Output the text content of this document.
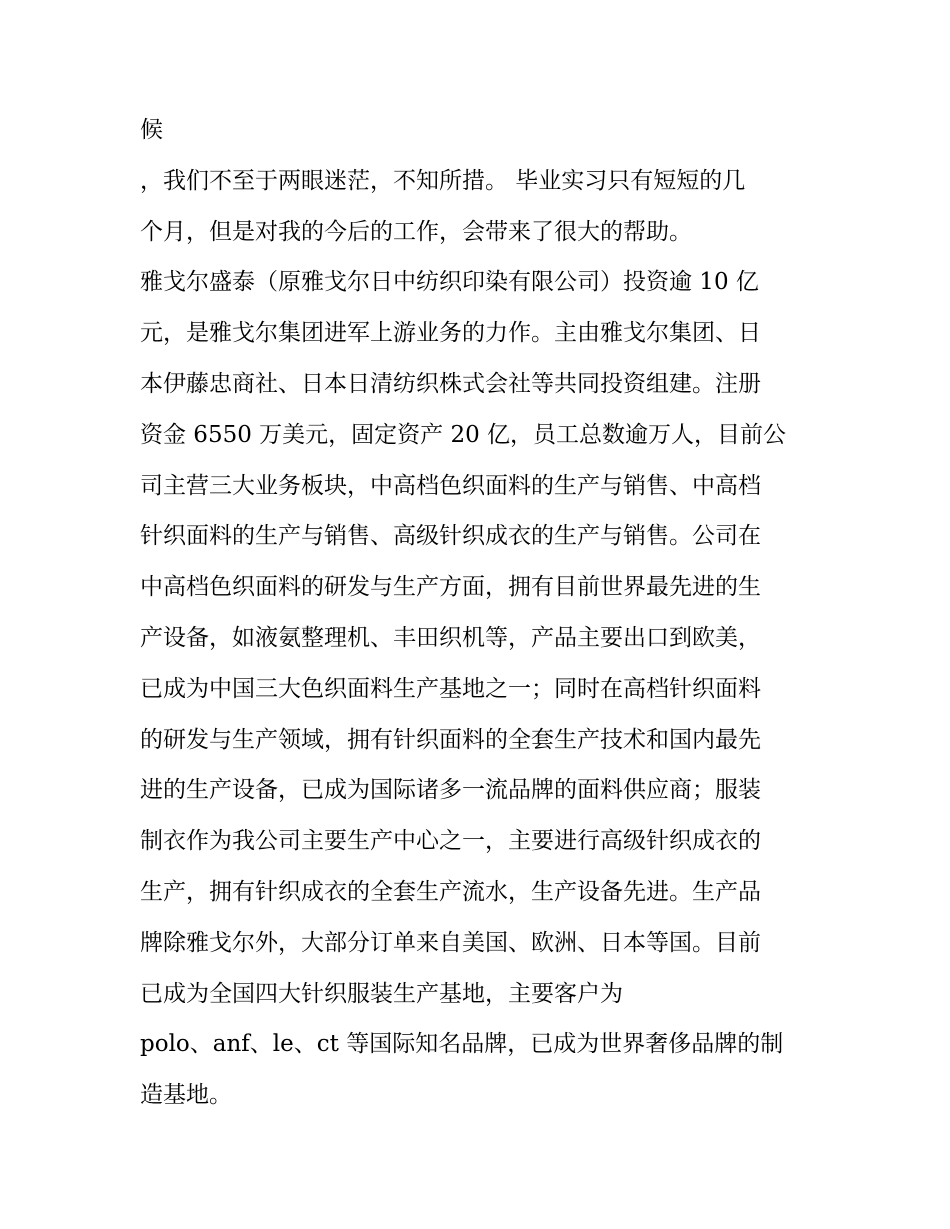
候
，我们不至于两眼迷茫，不知所措。 毕业实习只有短短的几
个月，但是对我的今后的工作，会带来了很大的帮助。
雅戈尔盛泰（原雅戈尔日中纺织印染有限公司）投资逾 10 亿
元，是雅戈尔集团进军上游业务的力作。主由雅戈尔集团、日
本伊藤忠商社、日本日清纺织株式会社等共同投资组建。注册
资金 6550 万美元，固定资产 20 亿，员工总数逾万人，目前公
司主营三大业务板块，中高档色织面料的生产与销售、中高档
针织面料的生产与销售、高级针织成衣的生产与销售。公司在
中高档色织面料的研发与生产方面，拥有目前世界最先进的生
产设备，如液氨整理机、丰田织机等，产品主要出口到欧美，
已成为中国三大色织面料生产基地之一；同时在高档针织面料
的研发与生产领域，拥有针织面料的全套生产技术和国内最先
进的生产设备，已成为国际诸多一流品牌的面料供应商；服装
制衣作为我公司主要生产中心之一，主要进行高级针织成衣的
生产，拥有针织成衣的全套生产流水，生产设备先进。生产品
牌除雅戈尔外，大部分订单来自美国、欧洲、日本等国。目前
已成为全国四大针织服装生产基地，主要客户为
polo、anf、le、ct 等国际知名品牌，已成为世界奢侈品牌的制
造基地。
